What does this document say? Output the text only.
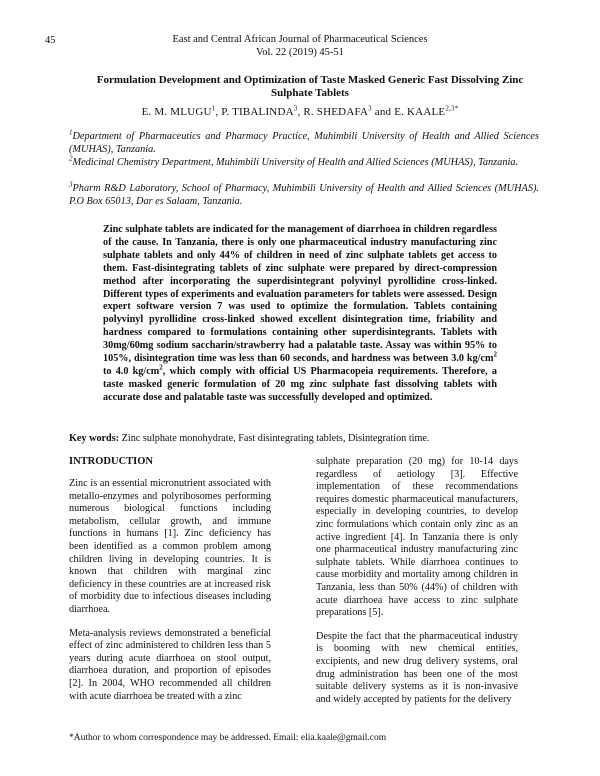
45	East and Central African Journal of Pharmaceutical Sciences
Vol. 22 (2019) 45-51
Formulation Development and Optimization of Taste Masked Generic Fast Dissolving Zinc Sulphate Tablets
E. M. MLUGU$^1$, P. TIBALINDA$^3$, R. SHEDAFA$^3$ and E. $KAALE^{2,3*}$
$^1$Department of Pharmaceutics and Pharmacy Practice, Muhimbili University of Health and Allied Sciences (MUHAS), Tanzania.
$^2$Medicinal Chemistry Department, Muhimbili University of Health and Allied Sciences (MUHAS), Tanzania.
$^3$Pharm R&D Laboratory, School of Pharmacy, Muhimbili University of Health and Allied Sciences (MUHAS). P.O Box 65013, Dar es Salaam, Tanzania.
Zinc sulphate tablets are indicated for the management of diarrhoea in children regardless of the cause. In Tanzania, there is only one pharmaceutical industry manufacturing zinc sulphate tablets and only 44% of children in need of zinc sulphate tablets get access to them. Fast-disintegrating tablets of zinc sulphate were prepared by direct-compression method after incorporating the superdisintegrant polyvinyl pyrollidine cross-linked. Different types of experiments and evaluation parameters for tablets were assessed. Design expert software version 7 was used to optimize the formulation. Tablets containing polyvinyl pyrollidine cross-linked showed excellent disintegration time, friability and hardness compared to formulations containing other superdisintegrants. Tablets with 30mg/60mg sodium saccharin/strawberry had a palatable taste. Assay was within 95% to 105%, disintegration time was less than 60 seconds, and hardness was between 3.0 $kg/cm^2$ to 4.0 $kg/cm^2$, which comply with official US Pharmacopeia requirements. Therefore, a taste masked generic formulation of 20 mg zinc sulphate fast dissolving tablets with accurate dose and palatable taste was successfully developed and optimized.
Key words: Zinc sulphate monohydrate, Fast disintegrating tablets, Disintegration time.
INTRODUCTION

Zinc is an essential micronutrient associated with metallo-enzymes and polyribosomes performing numerous biological functions including metabolism, cellular growth, and immune functions in humans [1]. Zinc deficiency has been identified as a common problem among children living in developing countries. It is known that children with marginal zinc deficiency in these countries are at increased risk of morbidity due to infectious diseases including diarrhoea.

Meta-analysis reviews demonstrated a beneficial effect of zinc administered to children less than 5 years during acute diarrhoea on stool output, diarrhoea duration, and proportion of episodes [2]. In 2004, WHO recommended all children with acute diarrhoea be treated with a zinc

sulphate preparation (20 mg) for 10-14 days regardless of aetiology [3]. Effective implementation of these recommendations requires domestic pharmaceutical manufacturers, especially in developing countries, to develop zinc formulations which contain only zinc as an active ingredient [4]. In Tanzania there is only one pharmaceutical industry manufacturing zinc sulphate tablets. While diarrhoea continues to cause morbidity and mortality among children in Tanzania, less than 50% (44%) of children with acute diarrhoea have access to zinc sulphate preparations [5].

Despite the fact that the pharmaceutical industry is booming with new chemical entities, excipients, and new drug delivery systems, oral drug administration has been one of the most suitable delivery systems as it is non-invasive and widely accepted by patients for the delivery

*Author to whom correspondence may be addressed. Email: elia.kaale@gmail.com
